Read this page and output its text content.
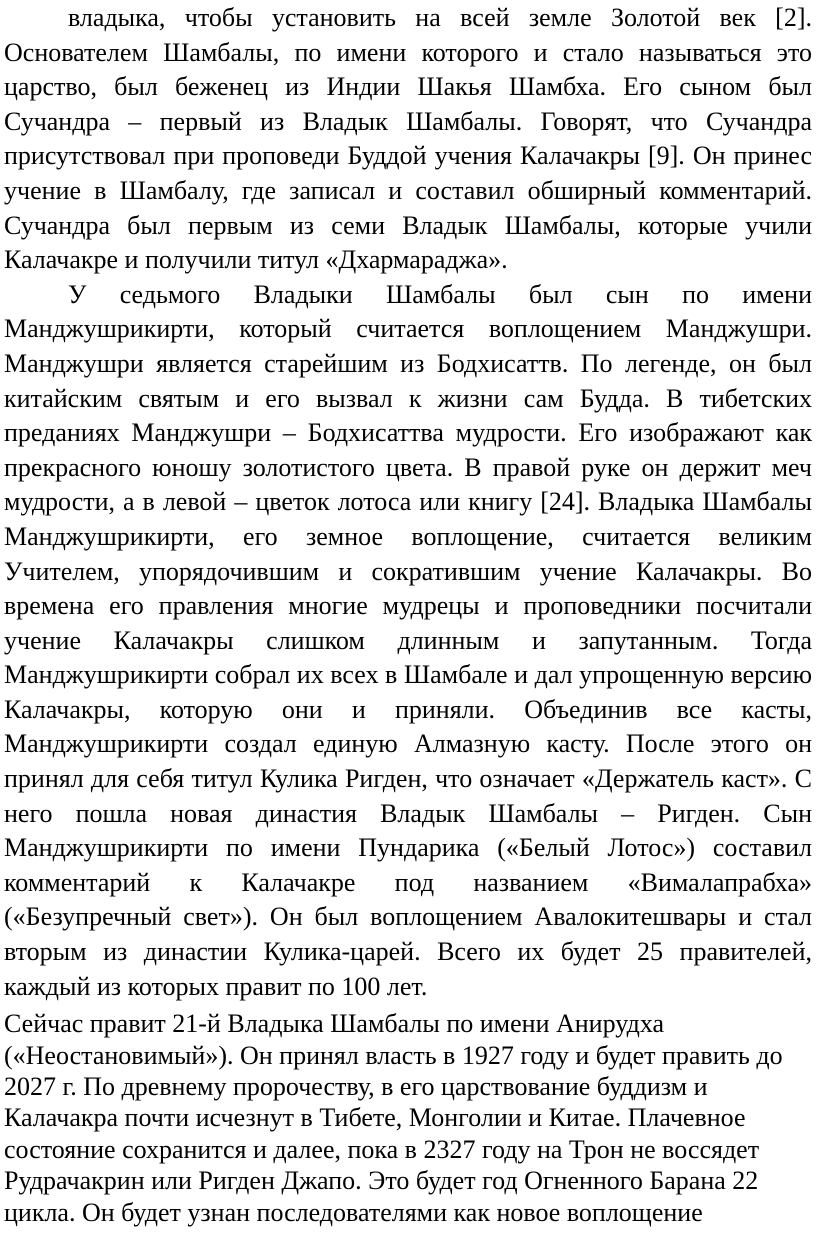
владыка, чтобы установить на всей земле Золотой век [2]. Основателем Шамбалы, по имени которого и стало называться это царство, был беженец из Индии Шакья Шамбха. Его сыном был Сучандра – первый из Владык Шамбалы. Говорят, что Сучандра присутствовал при проповеди Буддой учения Калачакры [9]. Он принес учение в Шамбалу, где записал и составил обширный комментарий. Сучандра был первым из семи Владык Шамбалы, которые учили Калачакре и получили титул «Дхармараджа».

У седьмого Владыки Шамбалы был сын по имени Манджушрикирти, который считается воплощением Манджушри. Манджушри является старейшим из Бодхисаттв. По легенде, он был китайским святым и его вызвал к жизни сам Будда. В тибетских преданиях Манджушри – Бодхисаттва мудрости. Его изображают как прекрасного юношу золотистого цвета. В правой руке он держит меч мудрости, а в левой – цветок лотоса или книгу [24]. Владыка Шамбалы Манджушрикирти, его земное воплощение, считается великим Учителем, упорядочившим и сократившим учение Калачакры. Во времена его правления многие мудрецы и проповедники посчитали учение Калачакры слишком длинным и запутанным. Тогда Манджушрикирти собрал их всех в Шамбале и дал упрощенную версию Калачакры, которую они и приняли. Объединив все касты, Манджушрикирти создал единую Алмазную касту. После этого он принял для себя титул Кулика Ригден, что означает «Держатель каст». С него пошла новая династия Владык Шамбалы – Ригден. Сын Манджушрикирти по имени Пундарика («Белый Лотос») составил комментарий к Калачакре под названием «Вималапрабха» («Безупречный свет»). Он был воплощением Авалокитешвары и стал вторым из династии Кулика-царей. Всего их будет 25 правителей, каждый из которых правит по 100 лет.

Сейчас правит 21-й Владыка Шамбалы по имени Анирудха
(«Неостановимый»). Он принял власть в 1927 году и будет править до
2027 г. По древнему пророчеству, в его царствование буддизм и
Калачакра почти исчезнут в Тибете, Монголии и Китае. Плачевное
состояние сохранится и далее, пока в 2327 году на Трон не воссядет
Рудрачакрин или Ригден Джапо. Это будет год Огненного Барана 22
цикла. Он будет узнан последователями как новое воплощение
